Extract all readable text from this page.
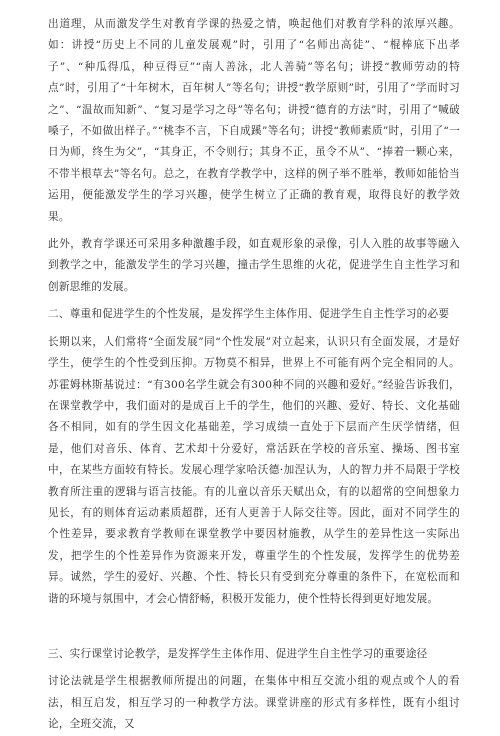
出道理，从而激发学生对教育学课的热爱之情，唤起他们对教育学科的浓厚兴趣。如：讲授“历史上不同的儿童发展观”时，引用了“名师出高徒”、“棍棒底下出孝子”、“种瓜得瓜，种豆得豆”“南人善泳，北人善骑”等名句；讲授“教师劳动的特点”时，引用了“十年树木，百年树人”等名句；讲授“教学原则”时，引用了“学而时习之”、“温故而知新”、“复习是学习之母”等名句；讲授“德育的方法”时，引用了“喊破嗓子，不如做出样子。”“桃李不言，下自成蹊”等名句；讲授“教师素质”时，引用了“一日为师，终生为父”，“其身正，不令则行；其身不正，虽令不从”、“捧着一颗心来，不带半根草去”等名句。总之，在教育学教学中，这样的例子举不胜举，教师如能恰当运用，便能激发学生的学习兴趣，使学生树立了正确的教育观，取得良好的教学效果。

此外，教育学课还可采用多种激趣手段，如直观形象的录像，引人入胜的故事等融入到教学之中，能激发学生的学习兴趣，撞击学生思维的火花，促进学生自主性学习和创新思维的发展。

二、尊重和促进学生的个性发展，是发挥学生主体作用、促进学生自主性学习的必要

长期以来，人们常将“全面发展”同“个性发展”对立起来，认识只有全面发展，才是好学生，使学生的个性受到压抑。万物莫不相异，世界上不可能有两个完全相同的人。苏霍姆林斯基说过：“有300名学生就会有300种不同的兴趣和爱好。”经验告诉我们，在课堂教学中，我们面对的是成百上千的学生，他们的兴趣、爱好、特长、文化基础各不相同，如有的学生因文化基础差，学习成绩一直处于下层而产生厌学情绪，但是，他们对音乐、体育、艺术却十分爱好，常活跃在学校的音乐室、操场、图书室中，在某些方面较有特长。发展心理学家哈沃德·加涅认为，人的智力并不局限于学校教育所注重的逻辑与语言技能。有的儿童以音乐天赋出众，有的以超常的空间想象力见长，有的则体育运动素质超群，还有人更善于人际交往等。因此，面对不同学生的个性差异，要求教育学教师在课堂教学中要因材施教，从学生的差异性这一实际出发，把学生的个性差异作为资源来开发，尊重学生的个性发展，发挥学生的优势差异。诚然，学生的爱好、兴趣、个性、特长只有受到充分尊重的条件下，在宽松而和谐的环境与氛围中，才会心情舒畅，积极开发能力，使个性特长得到更好地发展。

三、实行课堂讨论教学，是发挥学生主体作用、促进学生自主性学习的重要途径

讨论法就是学生根据教师所提出的问题，在集体中相互交流小组的观点或个人的看法，相互启发，相互学习的一种教学方法。课堂讲座的形式有多样性，既有小组讨论，全班交流，又
